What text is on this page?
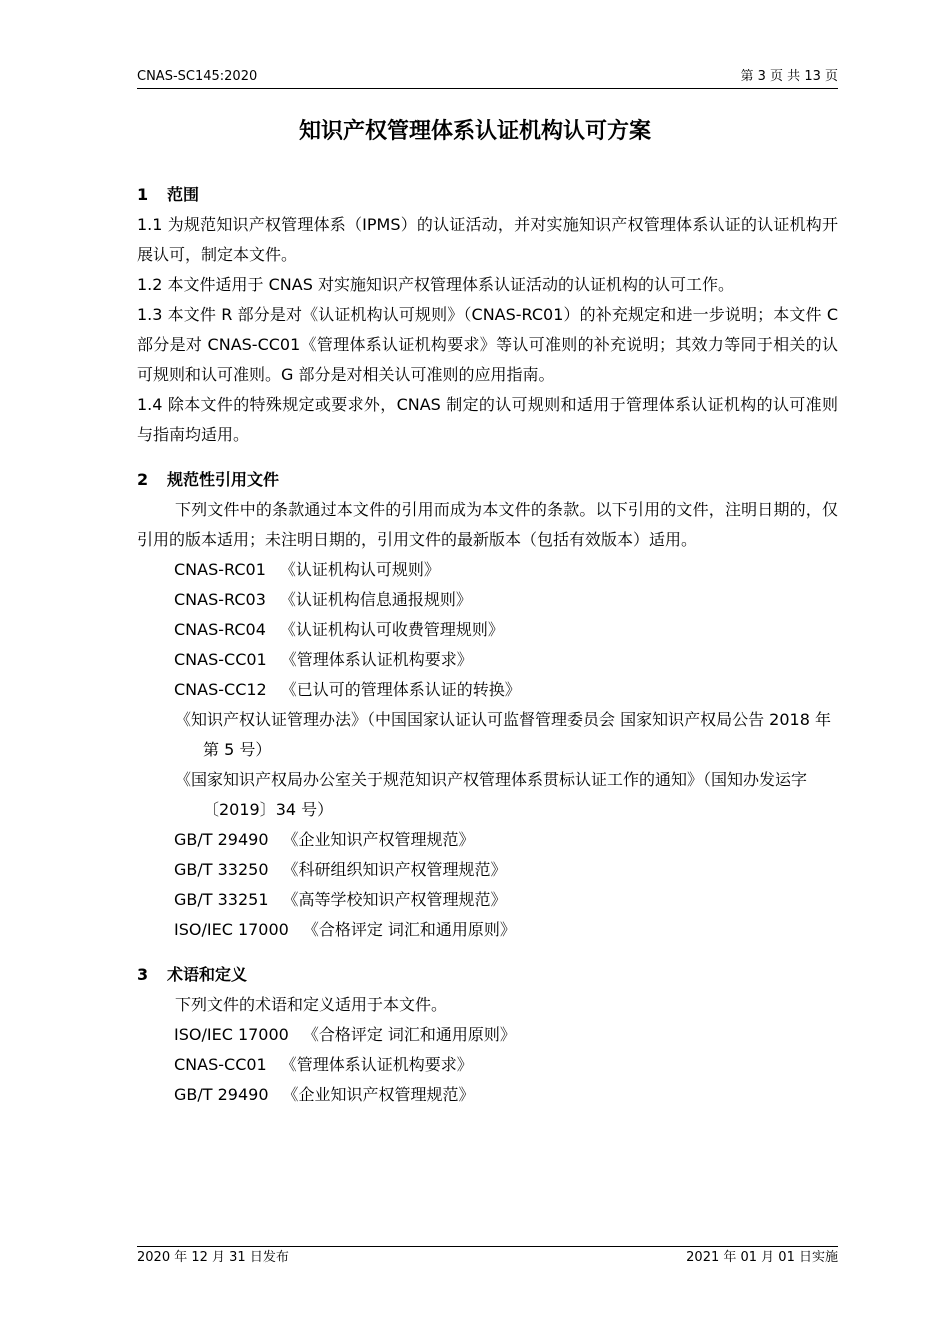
CNAS-SC145:2020	第 3 页 共 13 页
知识产权管理体系认证机构认可方案
1 范围
1.1 为规范知识产权管理体系（IPMS）的认证活动，并对实施知识产权管理体系认证的认证机构开展认可，制定本文件。
1.2 本文件适用于 CNAS 对实施知识产权管理体系认证活动的认证机构的认可工作。
1.3 本文件 R 部分是对《认证机构认可规则》（CNAS-RC01）的补充规定和进一步说明；本文件 C 部分是对 CNAS-CC01《管理体系认证机构要求》等认可准则的补充说明；其效力等同于相关的认可规则和认可准则。G 部分是对相关认可准则的应用指南。
1.4 除本文件的特殊规定或要求外，CNAS 制定的认可规则和适用于管理体系认证机构的认可准则与指南均适用。
2 规范性引用文件
下列文件中的条款通过本文件的引用而成为本文件的条款。以下引用的文件，注明日期的，仅引用的版本适用；未注明日期的，引用文件的最新版本（包括有效版本）适用。
CNAS-RC01 《认证机构认可规则》
CNAS-RC03 《认证机构信息通报规则》
CNAS-RC04 《认证机构认可收费管理规则》
CNAS-CC01 《管理体系认证机构要求》
CNAS-CC12 《已认可的管理体系认证的转换》
《知识产权认证管理办法》（中国国家认证认可监督管理委员会 国家知识产权局公告 2018 年第 5 号）
《国家知识产权局办公室关于规范知识产权管理体系贯标认证工作的通知》（国知办发运字〔2019〕34 号）
GB/T 29490 《企业知识产权管理规范》
GB/T 33250 《科研组织知识产权管理规范》
GB/T 33251 《高等学校知识产权管理规范》
ISO/IEC 17000 《合格评定 词汇和通用原则》
3 术语和定义
下列文件的术语和定义适用于本文件。
ISO/IEC 17000 《合格评定 词汇和通用原则》
CNAS-CC01 《管理体系认证机构要求》
GB/T 29490 《企业知识产权管理规范》
2020 年 12 月 31 日发布	2021 年 01 月 01 日实施
